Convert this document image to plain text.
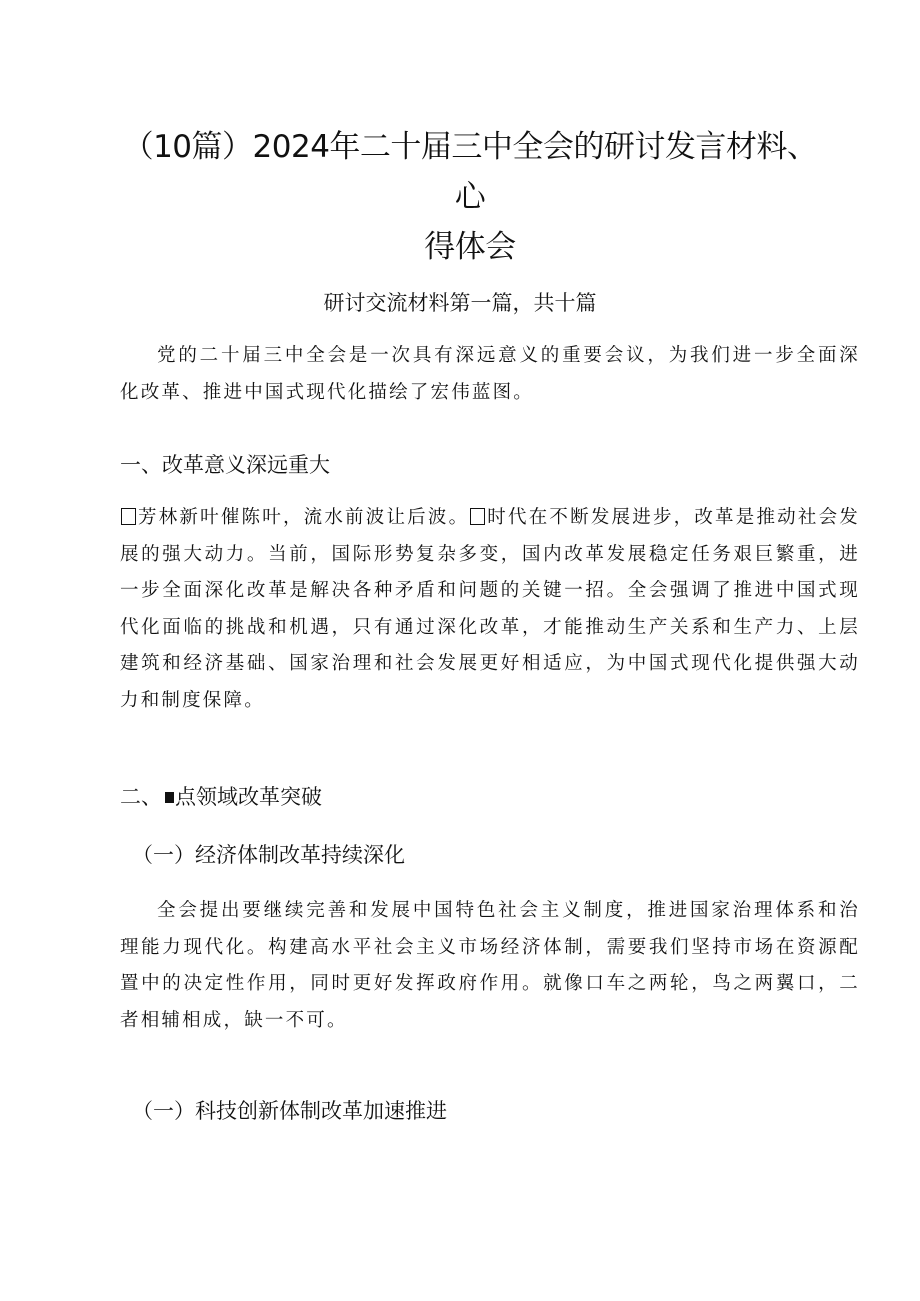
（10篇）2024年二十届三中全会的研讨发言材料、心
得体会
研讨交流材料第一篇，共十篇

党的二十届三中全会是一次具有深远意义的重要会议，为我们进一步全面深化改革、推进中国式现代化描绘了宏伟蓝图。

一、改革意义深远重大

芳林新叶催陈叶，流水前波让后波。 时代在不断发展进步，改革是推动社会发展的强大动力。当前，国际形势复杂多变，国内改革发展稳定任务艰巨繁重，进一步全面深化改革是解决各种矛盾和问题的关键一招。全会强调了推进中国式现代化面临的挑战和机遇，只有通过深化改革，才能推动生产关系和生产力、上层建筑和经济基础、国家治理和社会发展更好相适应，为中国式现代化提供强大动力和制度保障。

二、 点领域改革突破
（一）经济体制改革持续深化

全会提出要继续完善和发展中国特色社会主义制度，推进国家治理体系和治理能力现代化。构建高水平社会主义市场经济体制，需要我们坚持市场在资源配置中的决定性作用，同时更好发挥政府作用。就像口车之两轮，鸟之两翼口，二者相辅相成，缺一不可。

（一）科技创新体制改革加速推进
